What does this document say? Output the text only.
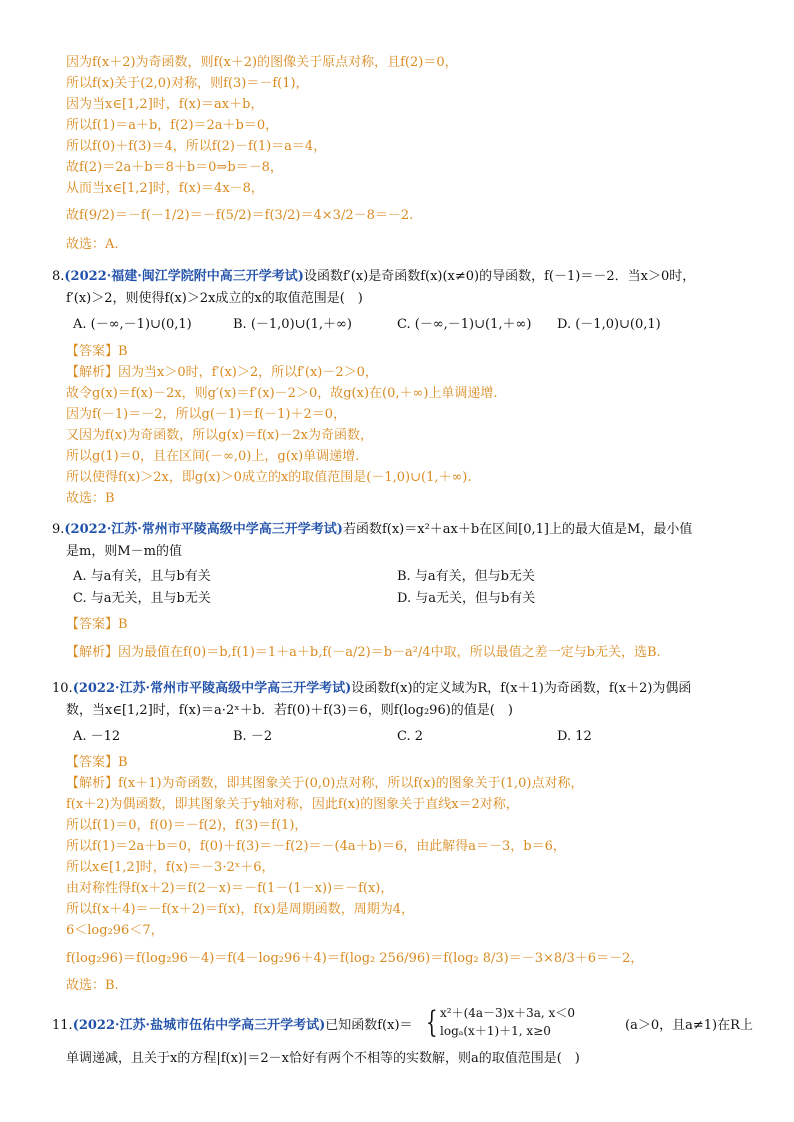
因为f(x＋2)为奇函数，则f(x＋2)的图像关于原点对称，且f(2)＝0，
所以f(x)关于(2,0)对称，则f(3)＝－f(1)，
因为当x∈[1,2]时，f(x)＝ax＋b，
所以f(1)＝a＋b，f(2)＝2a＋b＝0，
所以f(0)＋f(3)＝4，所以f(2)－f(1)＝a＝4，
故f(2)＝2a＋b＝8＋b＝0⇒b＝－8，
从而当x∈[1,2]时，f(x)＝4x－8，
故f(9/2)＝－f(－1/2)＝－f(5/2)＝f(3/2)＝4×3/2－8＝－2.
故选：A.
8.(2022·福建·闽江学院附中高三开学考试)设函数f′(x)是奇函数f(x)(x≠0)的导函数，f(－1)＝－2．当x＞0时，
f′(x)＞2，则使得f(x)＞2x成立的x的取值范围是(　)
A. (－∞,－1)∪(0,1)	B. (－1,0)∪(1,＋∞)	C. (－∞,－1)∪(1,＋∞) D. (－1,0)∪(0,1)
【答案】B
【解析】因为当x＞0时，f′(x)＞2，所以f′(x)－2＞0，
故令g(x)＝f(x)－2x，则g′(x)＝f′(x)－2＞0，故g(x)在(0,＋∞)上单调递增.
因为f(－1)＝－2，所以g(－1)＝f(－1)＋2＝0，
又因为f(x)为奇函数，所以g(x)＝f(x)－2x为奇函数，
所以g(1)＝0，且在区间(－∞,0)上，g(x)单调递增.
所以使得f(x)＞2x，即g(x)＞0成立的x的取值范围是(－1,0)∪(1,＋∞).
故选：B
9.(2022·江苏·常州市平陵高级中学高三开学考试)若函数f(x)＝x²＋ax＋b在区间[0,1]上的最大值是M，最小值
是m，则M－m的值
A. 与a有关，且与b有关	B. 与a有关，但与b无关
C. 与a无关，且与b无关	D. 与a无关，但与b有关
【答案】B
【解析】因为最值在f(0)＝b,f(1)＝1＋a＋b,f(－a/2)＝b－a²/4中取，所以最值之差一定与b无关，选B.
10.(2022·江苏·常州市平陵高级中学高三开学考试)设函数f(x)的定义域为R，f(x＋1)为奇函数，f(x＋2)为偶函
数，当x∈[1,2]时，f(x)＝a·2ˣ＋b．若f(0)＋f(3)＝6，则f(log₂96)的值是(　)
A. －12	B. －2	C. 2	D. 12
【答案】B
【解析】f(x＋1)为奇函数，即其图象关于(0,0)点对称，所以f(x)的图象关于(1,0)点对称，
f(x＋2)为偶函数，即其图象关于y轴对称，因此f(x)的图象关于直线x＝2对称，
所以f(1)＝0，f(0)＝－f(2)，f(3)＝f(1)，
所以f(1)＝2a＋b＝0，f(0)＋f(3)＝－f(2)＝－(4a＋b)＝6，由此解得a＝－3，b＝6，
所以x∈[1,2]时，f(x)＝－3·2ˣ＋6，
由对称性得f(x＋2)＝f(2－x)＝－f(1－(1－x))＝－f(x)，
所以f(x＋4)＝－f(x＋2)＝f(x)，f(x)是周期函数，周期为4，
6＜log₂96＜7，
f(log₂96)＝f(log₂96－4)＝f(4－log₂96＋4)＝f(log₂ 256/96)＝f(log₂ 8/3)＝－3×8/3＋6＝－2，
故选：B.
11.(2022·江苏·盐城市伍佑中学高三开学考试)已知函数f(x)＝ { x²＋(4a－3)x＋3a, x＜0
logₐ(x＋1)＋1, x≥0	(a＞0，且a≠1)在R上
单调递减，且关于x的方程|f(x)|＝2－x恰好有两个不相等的实数解，则a的取值范围是(　)
